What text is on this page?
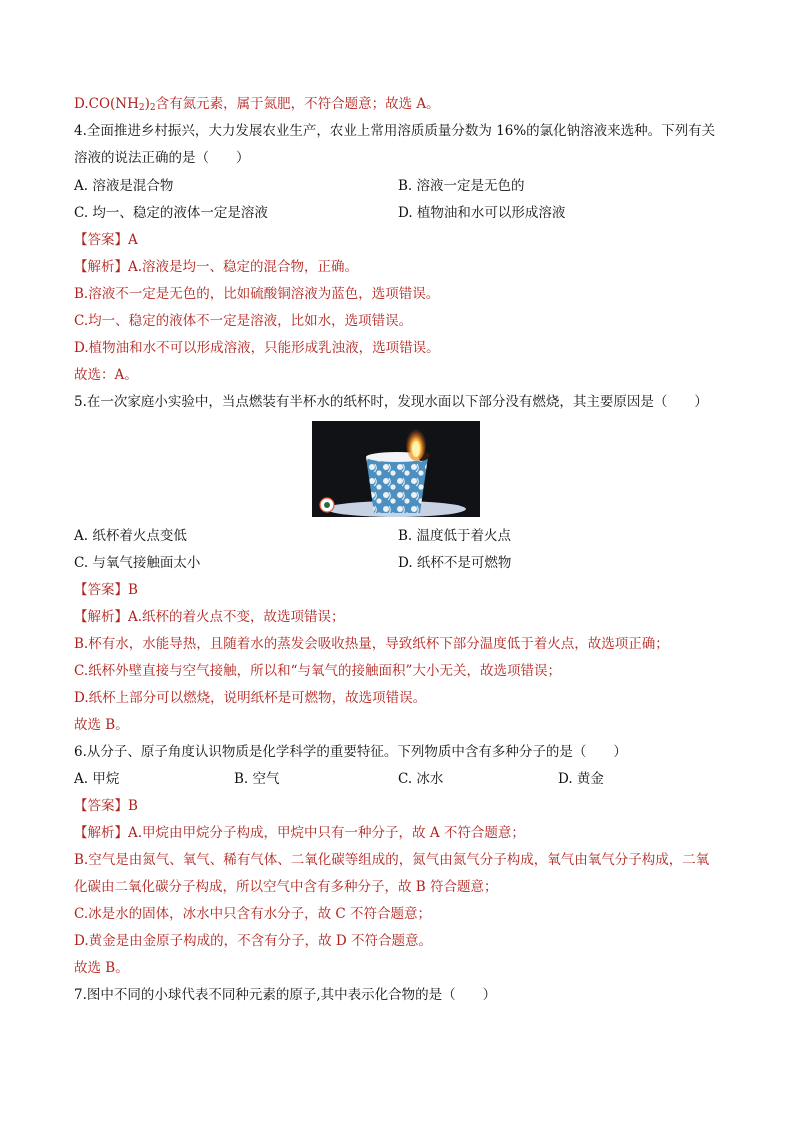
$D.CO(NH_2)_2$含有氮元素，属于氮肥，不符合题意；故选 A。
4.全面推进乡村振兴，大力发展农业生产，农业上常用溶质质量分数为 16%的氯化钠溶液来选种。下列有关
溶液的说法正确的是（　　）
A. 溶液是混合物	B. 溶液一定是无色的
C. 均一、稳定的液体一定是溶液	D. 植物油和水可以形成溶液
【答案】A
【解析】A.溶液是均一、稳定的混合物，正确。
B.溶液不一定是无色的，比如硫酸铜溶液为蓝色，选项错误。
C.均一、稳定的液体不一定是溶液，比如水，选项错误。
D.植物油和水不可以形成溶液，只能形成乳浊液，选项错误。
故选：A。
5.在一次家庭小实验中，当点燃装有半杯水的纸杯时，发现水面以下部分没有燃烧，其主要原因是（　　）
A. 纸杯着火点变低	B. 温度低于着火点
C. 与氧气接触面太小	D. 纸杯不是可燃物
【答案】B
【解析】A.纸杯的着火点不变，故选项错误；
B.杯有水，水能导热，且随着水的蒸发会吸收热量，导致纸杯下部分温度低于着火点，故选项正确；
C.纸杯外壁直接与空气接触，所以和“与氧气的接触面积”大小无关，故选项错误；
D.纸杯上部分可以燃烧，说明纸杯是可燃物，故选项错误。
故选 B。
6.从分子、原子角度认识物质是化学科学的重要特征。下列物质中含有多种分子的是（　　）
A. 甲烷	B. 空气	C. 冰水	D. 黄金
【答案】B
【解析】A.甲烷由甲烷分子构成，甲烷中只有一种分子，故 A 不符合题意；
B.空气是由氮气、氧气、稀有气体、二氧化碳等组成的，氮气由氮气分子构成，氧气由氧气分子构成，二氧
化碳由二氧化碳分子构成，所以空气中含有多种分子，故 B 符合题意；
C.冰是水的固体，冰水中只含有水分子，故 C 不符合题意；
D.黄金是由金原子构成的，不含有分子，故 D 不符合题意。
故选 B。
7.图中不同的小球代表不同种元素的原子,其中表示化合物的是（　　）
